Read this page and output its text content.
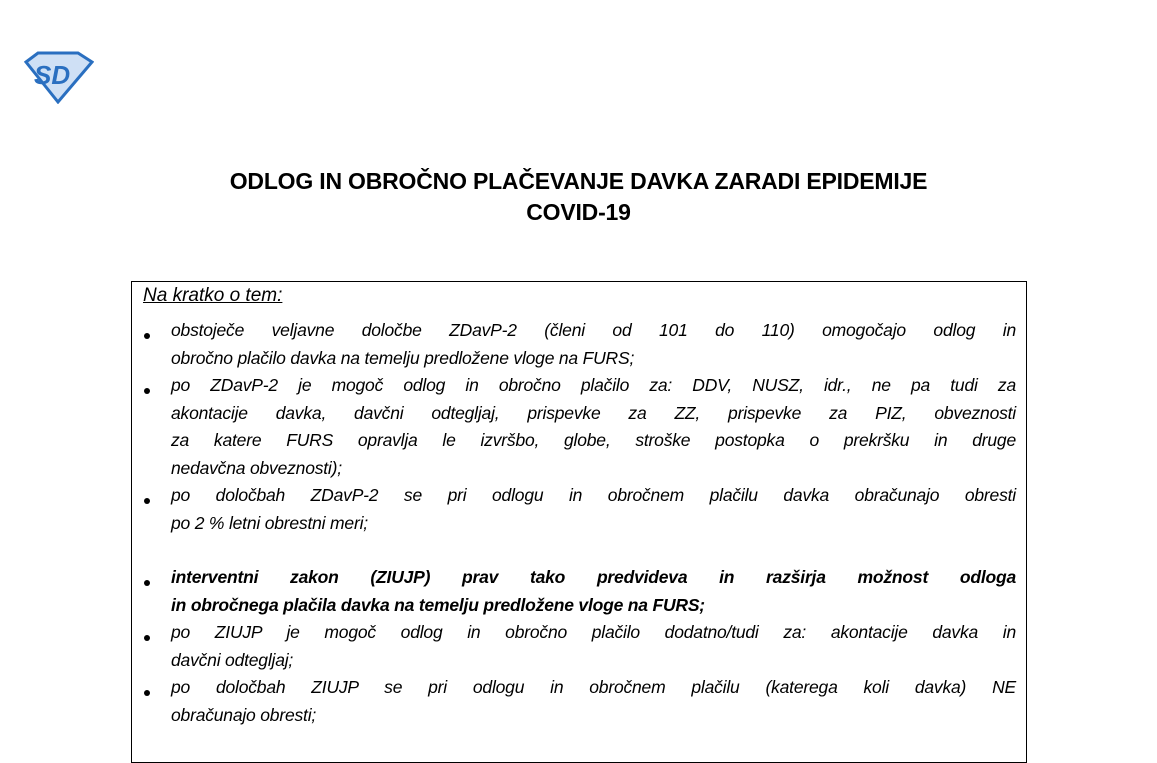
SD
ODLOG IN OBROČNO PLAČEVANJE DAVKA ZARADI EPIDEMIJE
COVID-19
Na kratko o tem:
obstoječe veljavne določbe ZDavP-2 (členi od 101 do 110) omogočajo odlog in
obročno plačilo davka na temelju predložene vloge na FURS;
po ZDavP-2 je mogoč odlog in obročno plačilo za: DDV, NUSZ, idr., ne pa tudi za
akontacije davka, davčni odtegljaj, prispevke za ZZ, prispevke za PIZ, obveznosti
za katere FURS opravlja le izvršbo, globe, stroške postopka o prekršku in druge
nedavčna obveznosti);
po določbah ZDavP-2 se pri odlogu in obročnem plačilu davka obračunajo obresti
po 2 % letni obrestni meri;
interventni zakon (ZIUJP) prav tako predvideva in razširja možnost odloga
in obročnega plačila davka na temelju predložene vloge na FURS;
po ZIUJP je mogoč odlog in obročno plačilo dodatno/tudi za: akontacije davka in
davčni odtegljaj;
po določbah ZIUJP se pri odlogu in obročnem plačilu (katerega koli davka) NE
obračunajo obresti;
